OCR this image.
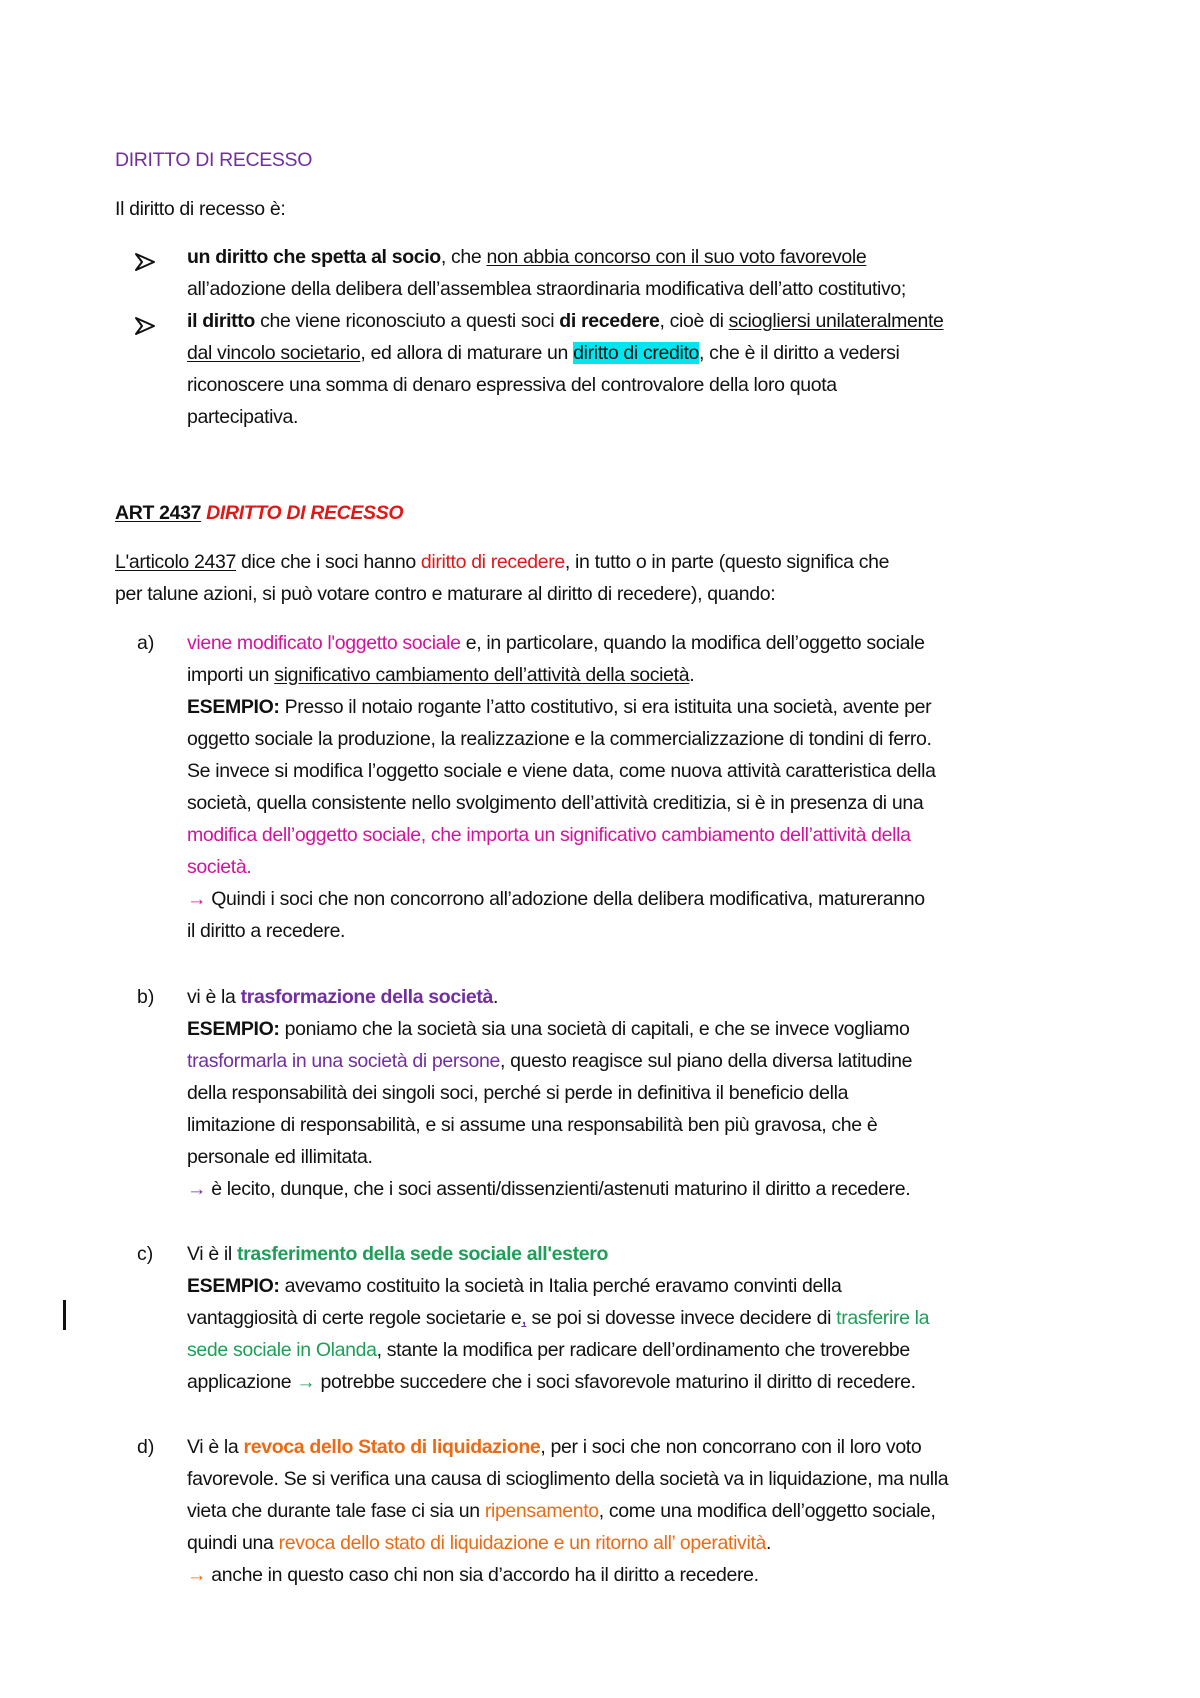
DIRITTO DI RECESSO
Il diritto di recesso è:
un diritto che spetta al socio, che non abbia concorso con il suo voto favorevole
all’adozione della delibera dell’assemblea straordinaria modificativa dell’atto costitutivo;
il diritto che viene riconosciuto a questi soci di recedere, cioè di sciogliersi unilateralmente
dal vincolo societario, ed allora di maturare un diritto di credito, che è il diritto a vedersi
riconoscere una somma di denaro espressiva del controvalore della loro quota
partecipativa.
ART 2437 DIRITTO DI RECESSO
L'articolo 2437 dice che i soci hanno diritto di recedere, in tutto o in parte (questo significa che
per talune azioni, si può votare contro e maturare al diritto di recedere), quando:
a) viene modificato l'oggetto sociale e, in particolare, quando la modifica dell’oggetto sociale
importi un significativo cambiamento dell’attività della società.
ESEMPIO: Presso il notaio rogante l’atto costitutivo, si era istituita una società, avente per
oggetto sociale la produzione, la realizzazione e la commercializzazione di tondini di ferro.
Se invece si modifica l’oggetto sociale e viene data, come nuova attività caratteristica della
società, quella consistente nello svolgimento dell’attività creditizia, si è in presenza di una
modifica dell’oggetto sociale, che importa un significativo cambiamento dell’attività della
società.
→ Quindi i soci che non concorrono all’adozione della delibera modificativa, matureranno
il diritto a recedere.
b) vi è la trasformazione della società.
ESEMPIO: poniamo che la società sia una società di capitali, e che se invece vogliamo
trasformarla in una società di persone, questo reagisce sul piano della diversa latitudine
della responsabilità dei singoli soci, perché si perde in definitiva il beneficio della
limitazione di responsabilità, e si assume una responsabilità ben più gravosa, che è
personale ed illimitata.
→ è lecito, dunque, che i soci assenti/dissenzienti/astenuti maturino il diritto a recedere.
c) Vi è il trasferimento della sede sociale all'estero
ESEMPIO: avevamo costituito la società in Italia perché eravamo convinti della
vantaggiosità di certe regole societarie e, se poi si dovesse invece decidere di trasferire la
sede sociale in Olanda, stante la modifica per radicare dell’ordinamento che troverebbe
applicazione → potrebbe succedere che i soci sfavorevole maturino il diritto di recedere.
d) Vi è la revoca dello Stato di liquidazione, per i soci che non concorrano con il loro voto
favorevole. Se si verifica una causa di scioglimento della società va in liquidazione, ma nulla
vieta che durante tale fase ci sia un ripensamento, come una modifica dell’oggetto sociale,
quindi una revoca dello stato di liquidazione e un ritorno all’ operatività.
→ anche in questo caso chi non sia d’accordo ha il diritto a recedere.
